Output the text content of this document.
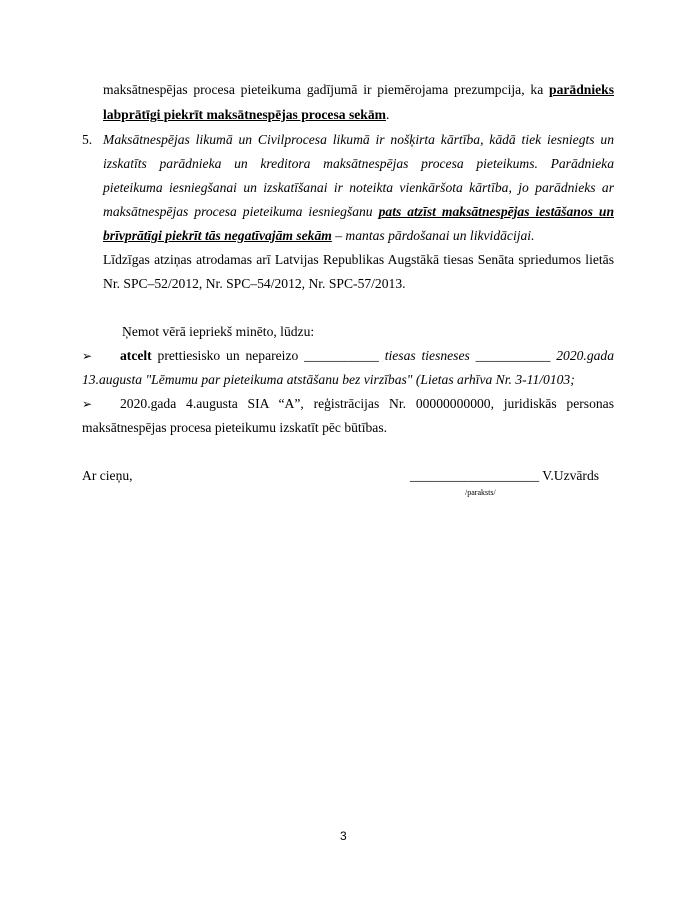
maksātnespējas procesa pieteikuma gadījumā ir piemērojama prezumpcija, ka parādnieks
labprātīgi piekrīt maksātnespējas procesa sekām.
5. Maksātnespējas likumā un Civilprocesa likumā ir nošķirta kārtība, kādā tiek iesniegts un
izskatīts parādnieka un kreditora maksātnespējas procesa pieteikums. Parādnieka
pieteikuma iesniegšanai un izskatīšanai ir noteikta vienkāršota kārtība, jo parādnieks ar
maksātnespējas procesa pieteikuma iesniegšanu pats atzīst maksātnespējas iestāšanos un
brīvprātīgi piekrīt tās negatīvajām sekām – mantas pārdošanai un likvidācijai.
Līdzīgas atziņas atrodamas arī Latvijas Republikas Augstākā tiesas Senāta spriedumos lietās
Nr. SPC–52/2012, Nr. SPC–54/2012, Nr. SPC-57/2013.
Ņemot vērā iepriekš minēto, lūdzu:
➢ atcelt prettiesisko un nepareizo ___________ tiesas tiesneses ___________ 2020.gada
13.augusta "Lēmumu par pieteikuma atstāšanu bez virzības" (Lietas arhīva Nr. 3-11/0103;
➢ 2020.gada 4.augusta SIA “A”, reģistrācijas Nr. 00000000000, juridiskās personas
maksātnespējas procesa pieteikumu izskatīt pēc būtības.
Ar cieņu,	___________________ V.Uzvārds
/paraksts/
3
